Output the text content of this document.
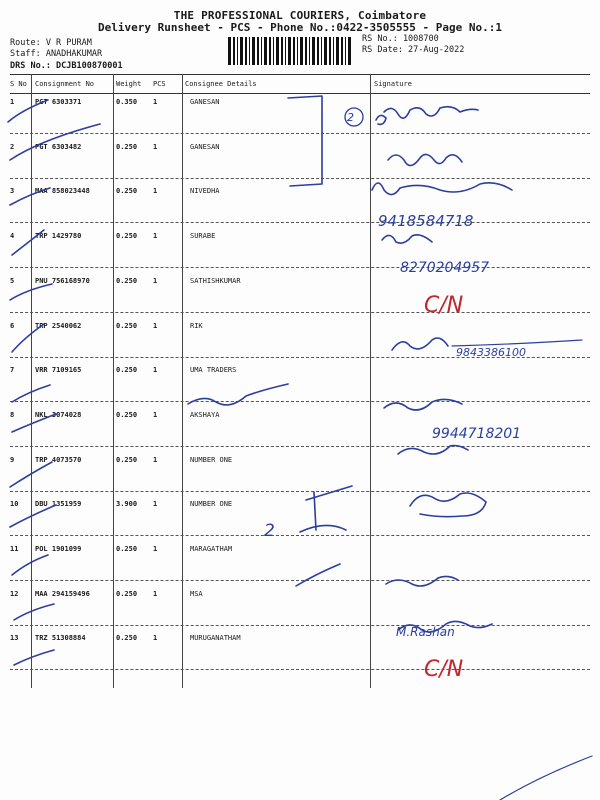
THE PROFESSIONAL COURIERS, Coimbatore
Delivery Runsheet - PCS - Phone No.:0422-3505555 - Page No.:1
Route: V R PURAM
Staff: ANADHAKUMAR
DRS No.: DCJB100870001
RS No.: 1008700
RS Date: 27-Aug-2022
S No Consignment No	Weight PCS	Consignee Details	Signature
1	PGT 6303371	0.350 1	GANESAN
2	PGT 6303482	0.250 1	GANESAN
3	MAA 858023448	0.250 1	NIVEDHA
4	TRP 1429780	0.250 1	SURABE
5	PNU 756168970	0.250 1	SATHISHKUMAR
6	TRP 2540062	0.250 1	RIK
7	VRR 7109165	0.250 1	UMA TRADERS
8	NKL 3074028	0.250 1	AKSHAYA
9	TRP 4073570	0.250 1	NUMBER ONE
10 DBU 1351959	3.900 1	NUMBER ONE
11 POL 1901099	0.250 1	MARAGATHAM
12 MAA 294159496	0.250 1	MSA
13 TRZ 51308884	0.250 1	MURUGANATHAM
2
9418584718
8270204957
9843386100
9944718201
2
M.Rashan
C/N
C/N
